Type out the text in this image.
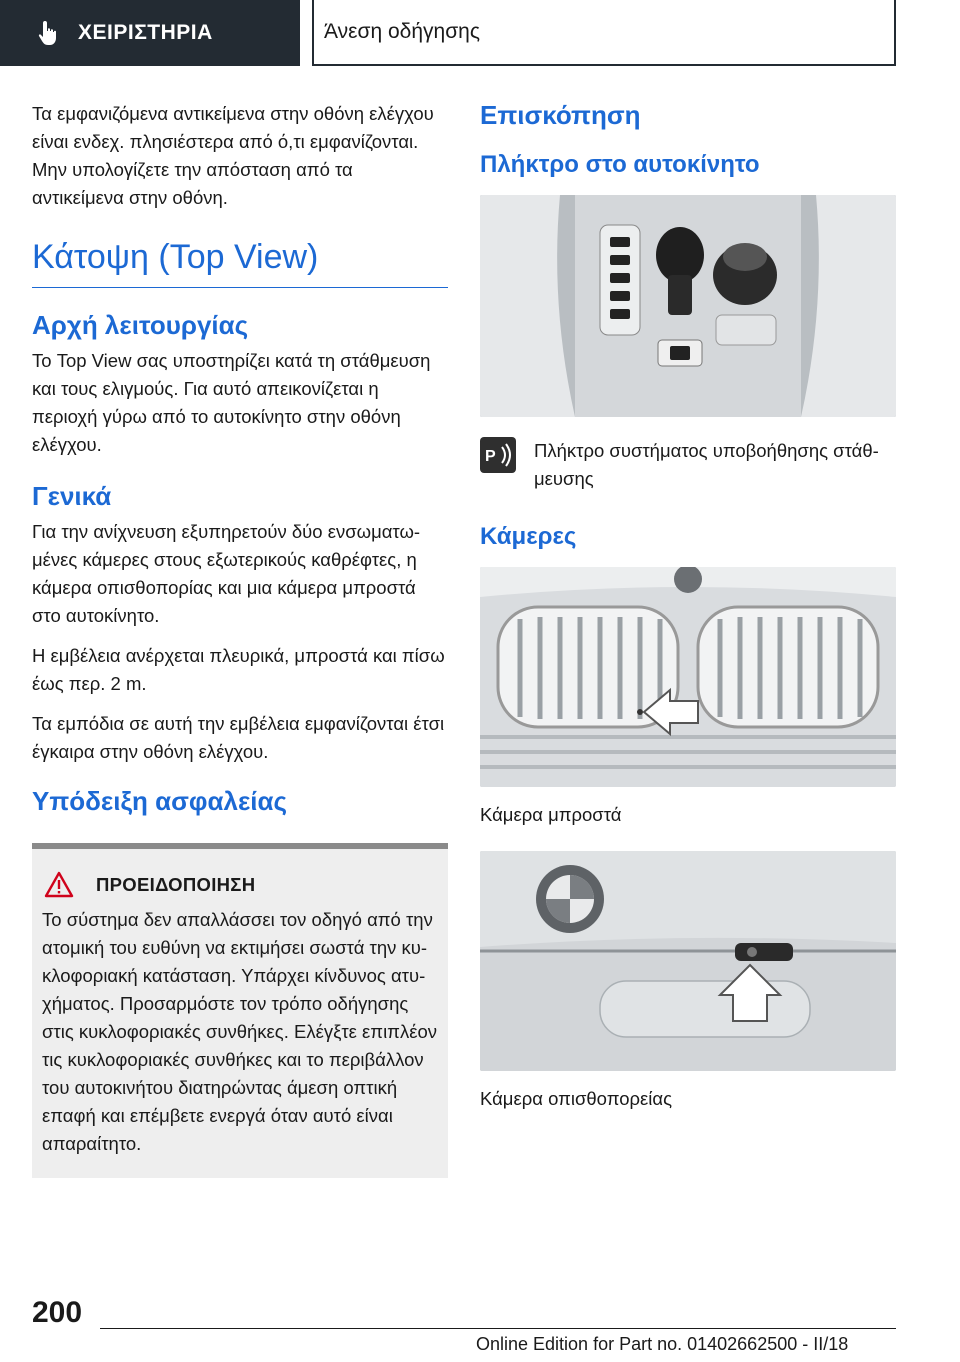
ΧΕΙΡΙΣΤΗΡΙΑ	Άνεση οδήγησης

Τα εμφανιζόμενα αντικείμενα στην οθόνη ελέγχου είναι ενδεχ. πλησιέστερα από ό,τι εμφανίζονται. Μην υπολογίζετε την απόσταση από τα αντικείμενα στην οθόνη.

Κάτοψη (Top View)
Αρχή λειτουργίας

Το Top View σας υποστηρίζει κατά τη στάθμευση και τους ελιγμούς. Για αυτό απεικονίζεται η περιοχή γύρω από το αυτοκίνητο στην οθόνη ελέγχου.

Γενικά

Για την ανίχνευση εξυπηρετούν δύο ενσωματωμένες κάμερες στους εξωτερικούς καθρέφτες, η κάμερα οπισθοπορίας και μια κάμερα μπροστά στο αυτοκίνητο.

Η εμβέλεια ανέρχεται πλευρικά, μπροστά και πίσω έως περ. 2 m.

Τα εμπόδια σε αυτή την εμβέλεια εμφανίζονται έτσι έγκαιρα στην οθόνη ελέγχου.

Υπόδειξη ασφαλείας
ΠΡΟΕΙΔΟΠΟΙΗΣΗ

Το σύστημα δεν απαλλάσσει τον οδηγό από την ατομική του ευθύνη να εκτιμήσει σωστά την κυκλοφοριακή κατάσταση. Υπάρχει κίνδυνος ατυχήματος. Προσαρμόστε τον τρόπο οδήγησης στις κυκλοφοριακές συνθήκες. Ελέγξτε επιπλέον τις κυκλοφοριακές συνθήκες και το περιβάλλον του αυτοκινήτου διατηρώντας άμεση οπτική επαφή και επέμβετε ενεργά όταν αυτό είναι απαραίτητο.

Επισκόπηση
Πλήκτρο στο αυτοκίνητο
P Πλήκτρο συστήματος υποβοήθησης στάθμευσης
Κάμερες
Κάμερα μπροστά
Κάμερα οπισθοπορείας
200
Online Edition for Part no. 01402662500 - II/18
